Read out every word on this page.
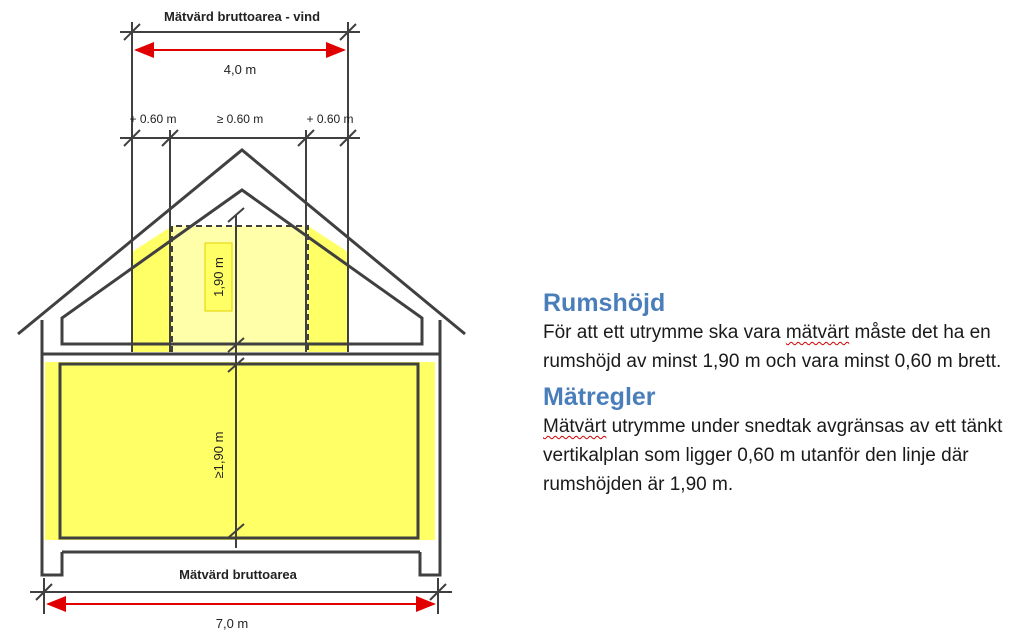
Mätvärd bruttoarea - vind
4,0 m
+ 0.60 m	≥ 0.60 m	+ 0.60 m
1,90 m
≥1,90 m
Mätvärd bruttoarea
7,0 m
Rumshöjd

För att ett utrymme ska vara mätvärt måste det ha en rumshöjd av minst 1,90 m och vara minst 0,60 m brett.

Mätregler

Mätvärt utrymme under snedtak avgränsas av ett tänkt vertikalplan som ligger 0,60 m utanför den linje där rumshöjden är 1,90 m.
